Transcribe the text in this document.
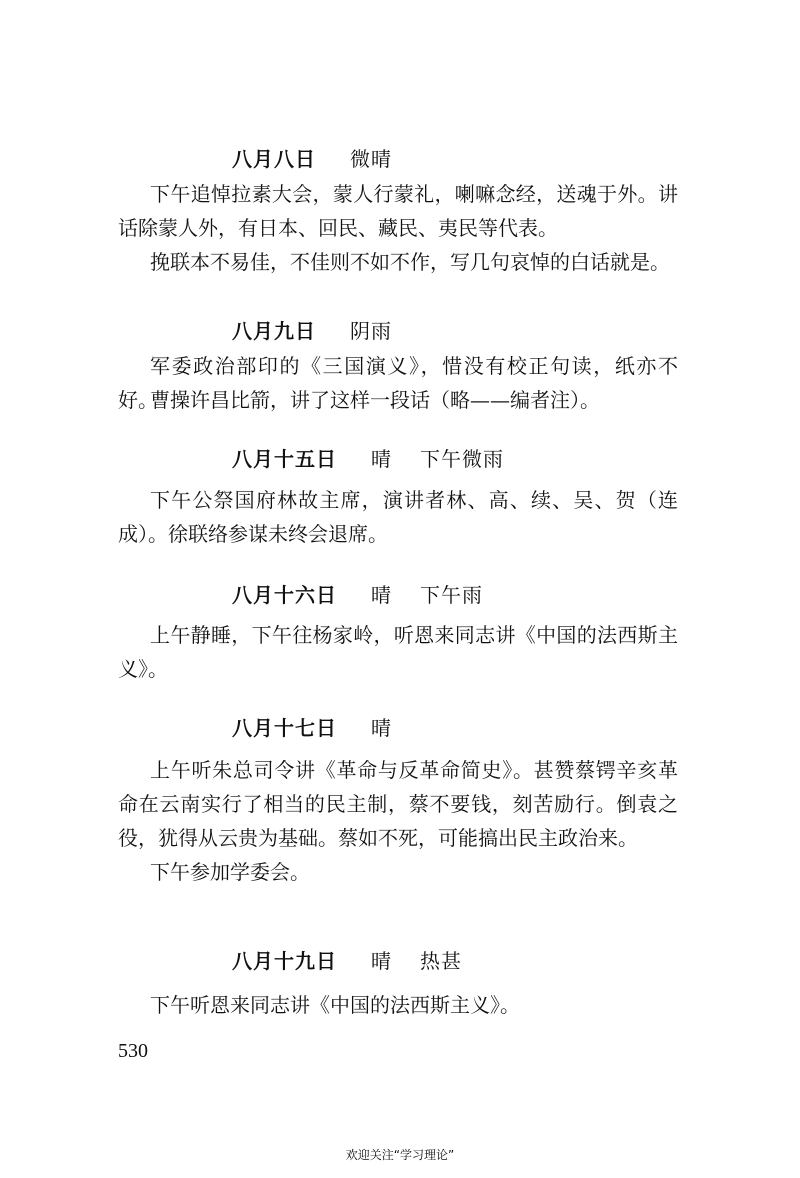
八月八日 微晴
下午追悼拉素大会，蒙人行蒙礼，喇嘛念经，送魂于外。讲话除蒙人外，有日本、回民、藏民、夷民等代表。
挽联本不易佳，不佳则不如不作，写几句哀悼的白话就是。
八月九日 阴雨
军委政治部印的《三国演义》，惜没有校正句读，纸亦不好。
曹操许昌比箭，讲了这样一段话（略——编者注）。
八月十五日 晴 下午微雨
下午公祭国府林故主席，演讲者林、高、续、吴、贺（连成）。徐联络参谋未终会退席。
八月十六日 晴 下午雨
上午静睡，下午往杨家岭，听恩来同志讲《中国的法西斯主义》。
八月十七日 晴
上午听朱总司令讲《革命与反革命简史》。甚赞蔡锷辛亥革命在云南实行了相当的民主制，蔡不要钱，刻苦励行。倒袁之役，犹得从云贵为基础。蔡如不死，可能搞出民主政治来。
下午参加学委会。
八月十九日 晴 热甚
下午听恩来同志讲《中国的法西斯主义》。
530
欢迎关注“学习理论”
